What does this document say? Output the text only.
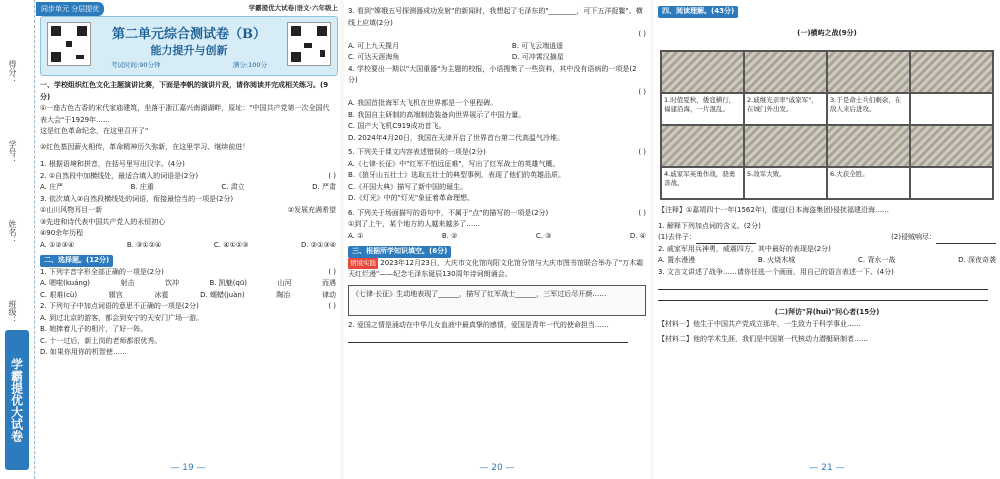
得分：
学号：
姓名：
班级：
学霸提优大试卷
同步单元 分层提优	学霸提优大试卷|语文·六年级上
第二单元综合测试卷（B）
能力提升与创新
考试时间:90分钟	满分:100分

一、学校组织红色文化主题演讲比赛，下面是李帆的演讲片段，请你阅读并完成相关练习。(9分)

①一座古色古香的宋代家庙建筑，坐落于浙江嘉兴南湖湖畔，原址："中国共产党第一次全国代表大会"于1929年……

这是红色革命纪念，在这里召开了"

②红色基因薪火相传，革命精神历久弥新，在这里学习、继续前进！

1. 根据语境和拼音，在括号里写出汉字。(4分)

2. ①自然段中加横线处，最适合填入的词语是(2分)	( )

A. 庄严	B. 庄重	C. 肃立	D. 严肃

3. 依次填入②自然段横线处的词语，衔接最恰当的一项是(2分)

①山川风物耳目一新	②发展充满希望

③先进和诗代表中国共产党人的永恒初心

④90余年历程

A. ①②③④	B. ③①②④	C. ④①②③	D. ②①③④

二、选择题。(12分)

1. 下列字音字形全部正确的一项是(2分)	( )

A. 嗯啦(kuáng)	射击	饮冲	B. 凯魅(qū)	山河	而遇

C. 艰难(cù)	辍宫	冰雹	D. 蠕蜡(juàn)	陶冶	律动

2. 下列句子中加点词语的意思不正确的一项是(2分)	( )

A. 到过北京的游客，都会到安宁的天安门广场一游。

B. 她捧着儿子的相片，了好一阵。

C. 十一过后，新上岗的老师都很优秀。

D. 如果你用你的机智使……

— 19 —

3. 看到"嫦娥五号探测器成功发射"的新闻时，我想起了毛泽东的"________，可下五洋捉鳖"。横线上应填(2分)

( )

A. 可上九天揽月	B. 可飞云端逍遥

C. 可达天涯海角	D. 可冲霄汉摘星

4. 学校要出一期以"大国重器"为主题的校报，小语搜集了一些资料，其中没有语病的一项是(2分)

( )

A. 我国首批海军大飞机在世界都是一个里程碑。

B. 我国自主研制的高端制造装备向世界展示了中国力量。

C. 国产大飞机C919成功首飞。

D. 2024年4月20日，我国在天津开启了世界首台第二代高温气冷堆。

5. 下列关于课文内容表述错误的一项是(2分)	( )

A.《七律·长征》中"红军不怕远征难"，写出了红军战士的英雄气概。

B.《狼牙山五壮士》选取五壮士的典型事例，表现了他们的英雄品质。

C.《开国大典》描写了新中国的诞生。

D.《灯光》中的"灯光"象征着革命理想。

6. 下列关于场面描写的语句中，不属于"点"的描写的一项是(2分)	( )

①到了上午，某个地方的人越来越多了……

A. ①	B. ②	C. ③	D. ④

三、根据所学知识填空。(6分)

情境实践 2023年12月23日，大庆市文化馆向阳文化馆分馆与大庆市图书馆联合举办了"万木霜天红烂漫"——纪念毛泽东诞辰130周年诗词朗诵会。

《七律·长征》生动地表现了______，描写了红军战士______，三军过后尽开颜……

2. 爱国之情是涌动在中华儿女血液中最真挚的感情，爱国是青年一代的使命担当……

— 20 —

四、阅读理解。(43分)

(一)横屿之战(9分)

1.时值夏秋，倭寇横行，福建沿海，一片混乱。
2.戚继光亲率"戚家军"，在城门外出发。
3.于是命士兵们剩余，在敌人来后进攻。
4.戚家军英勇作战，骁勇善战。
5.敌军大败。	6.大获全胜。

【注释】①嘉靖四十一年(1562年)，倭寇(日本海盗集团)侵扰福建沿海……

1. 解释下列加点词的含义。(2分)

(1)去伴子：	(2)侵贼响尽：

2. 戚家军用兵神勇，威震四方，其中最好的表现是(2分)

A. 置水漫漫	B. 火烧木城	C. 背水一战	D. 深夜奇袭

3. 文言文讲述了战争……请你任选一个画面，用自己的语言表述一下。(4分)

(二)拜访"异(huī)"问心者(15分)

【材料一】他生于中国共产党成立那年，一生致力于科学事业……

【材料二】他的学术生涯，我们是中国第一代核动力潜艇研制者……

— 21 —
